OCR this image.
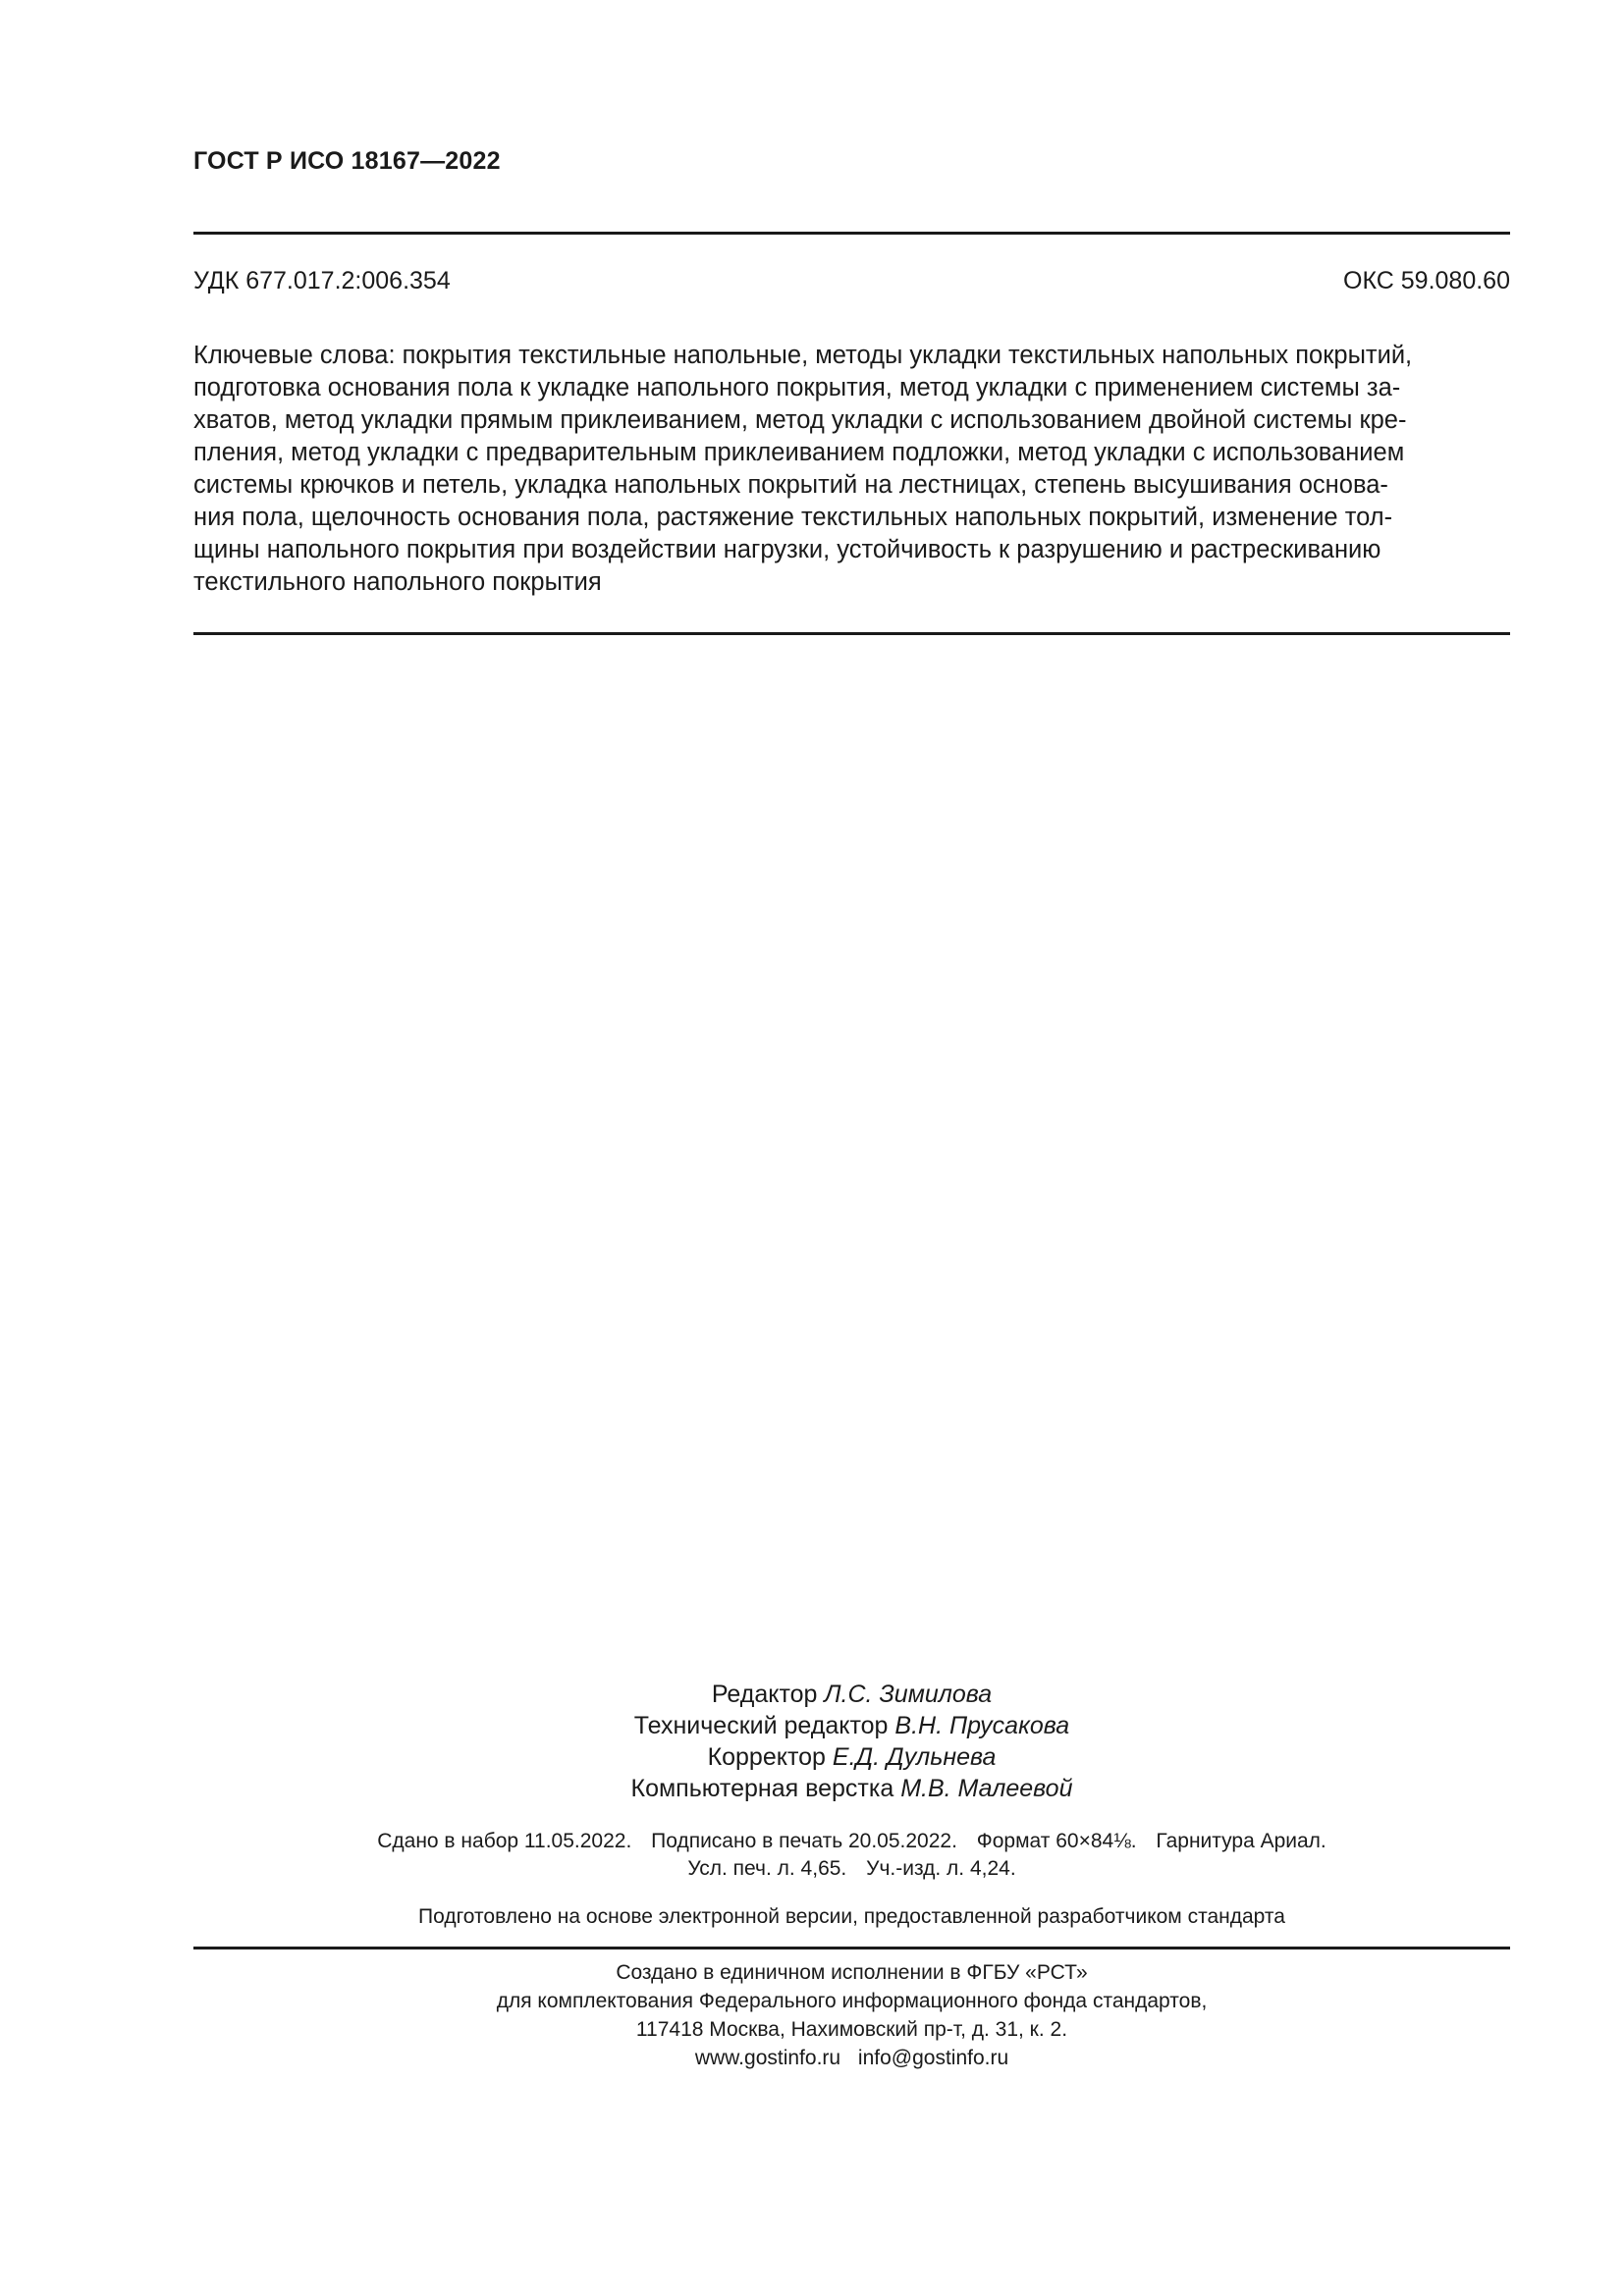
ГОСТ Р ИСО 18167—2022
УДК 677.017.2:006.354	ОКС 59.080.60
Ключевые слова: покрытия текстильные напольные, методы укладки текстильных напольных покрытий,
подготовка основания пола к укладке напольного покрытия, метод укладки с применением системы за-
хватов, метод укладки прямым приклеиванием, метод укладки с использованием двойной системы кре-
пления, метод укладки с предварительным приклеиванием подложки, метод укладки с использованием
системы крючков и петель, укладка напольных покрытий на лестницах, степень высушивания основа-
ния пола, щелочность основания пола, растяжение текстильных напольных покрытий, изменение тол-
щины напольного покрытия при воздействии нагрузки, устойчивость к разрушению и растрескиванию
текстильного напольного покрытия
Редактор Л.С. Зимилова
Технический редактор В.Н. Прусакова
Корректор Е.Д. Дульнева
Компьютерная верстка М.В. Малеевой
Сдано в набор 11.05.2022. Подписано в печать 20.05.2022. Формат 60×84⅛. Гарнитура Ариал.
Усл. печ. л. 4,65. Уч.-изд. л. 4,24.
Подготовлено на основе электронной версии, предоставленной разработчиком стандарта
Создано в единичном исполнении в ФГБУ «РСТ»
для комплектования Федерального информационного фонда стандартов,
117418 Москва, Нахимовский пр-т, д. 31, к. 2.
www.gostinfo.ru info@gostinfo.ru
